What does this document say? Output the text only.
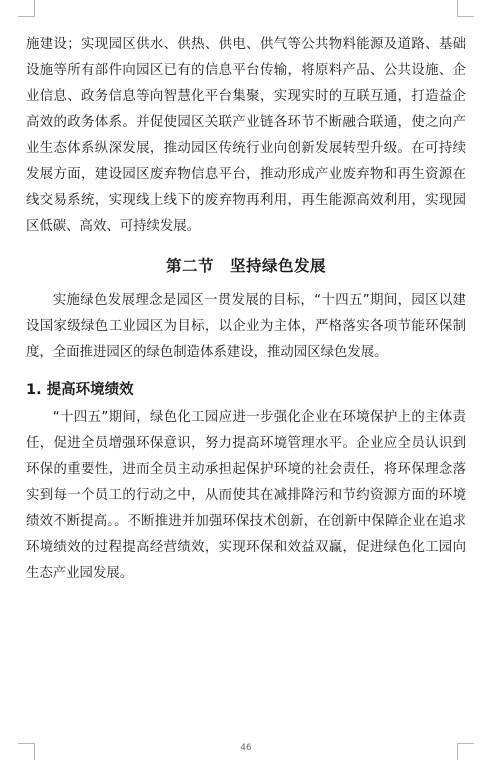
施建设；实现园区供水、供热、供电、供气等公共物料能源及道路、基础设施等所有部件向园区已有的信息平台传输，将原料产品、公共设施、企业信息、政务信息等向智慧化平台集聚，实现实时的互联互通，打造益企高效的政务体系。并促使园区关联产业链各环节不断融合联通，使之向产业生态体系纵深发展，推动园区传统行业向创新发展转型升级。在可持续发展方面，建设园区废弃物信息平台，推动形成产业废弃物和再生资源在线交易系统，实现线上线下的废弃物再利用，再生能源高效利用，实现园区低碳、高效、可持续发展。

第二节　坚持绿色发展

实施绿色发展理念是园区一贯发展的目标，“十四五”期间，园区以建设国家级绿色工业园区为目标，以企业为主体，严格落实各项节能环保制度，全面推进园区的绿色制造体系建设，推动园区绿色发展。

1. 提高环境绩效

“十四五”期间，绿色化工园应进一步强化企业在环境保护上的主体责任，促进全员增强环保意识，努力提高环境管理水平。企业应全员认识到环保的重要性，进而全员主动承担起保护环境的社会责任，将环保理念落实到每一个员工的行动之中，从而使其在减排降污和节约资源方面的环境绩效不断提高。。不断推进并加强环保技术创新，在创新中保障企业在追求环境绩效的过程提高经营绩效，实现环保和效益双赢，促进绿色化工园向生态产业园发展。

46
